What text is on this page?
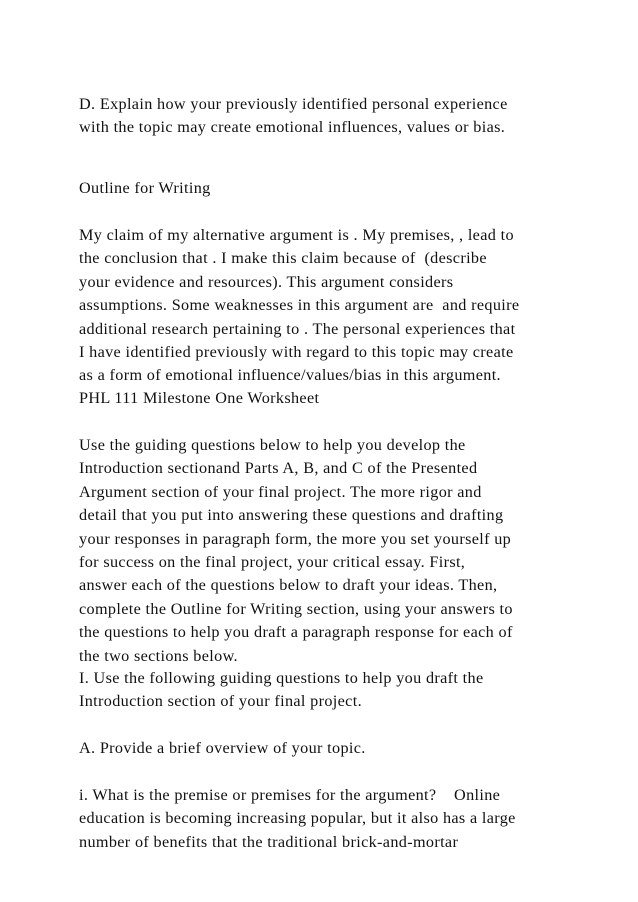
D. Explain how your previously identified personal experience
with the topic may create emotional influences, values or bias.
Outline for Writing
My claim of my alternative argument is . My premises, , lead to
the conclusion that . I make this claim because of  (describe
your evidence and resources). This argument considers
assumptions. Some weaknesses in this argument are  and require
additional research pertaining to . The personal experiences that
I have identified previously with regard to this topic may create
as a form of emotional influence/values/bias in this argument.
PHL 111 Milestone One Worksheet
Use the guiding questions below to help you develop the
Introduction sectionand Parts A, B, and C of the Presented
Argument section of your final project. The more rigor and
detail that you put into answering these questions and drafting
your responses in paragraph form, the more you set yourself up
for success on the final project, your critical essay. First,
answer each of the questions below to draft your ideas. Then,
complete the Outline for Writing section, using your answers to
the questions to help you draft a paragraph response for each of
the two sections below.
I. Use the following guiding questions to help you draft the
Introduction section of your final project.
A. Provide a brief overview of your topic.
i. What is the premise or premises for the argument?    Online
education is becoming increasing popular, but it also has a large
number of benefits that the traditional brick-and-mortar
